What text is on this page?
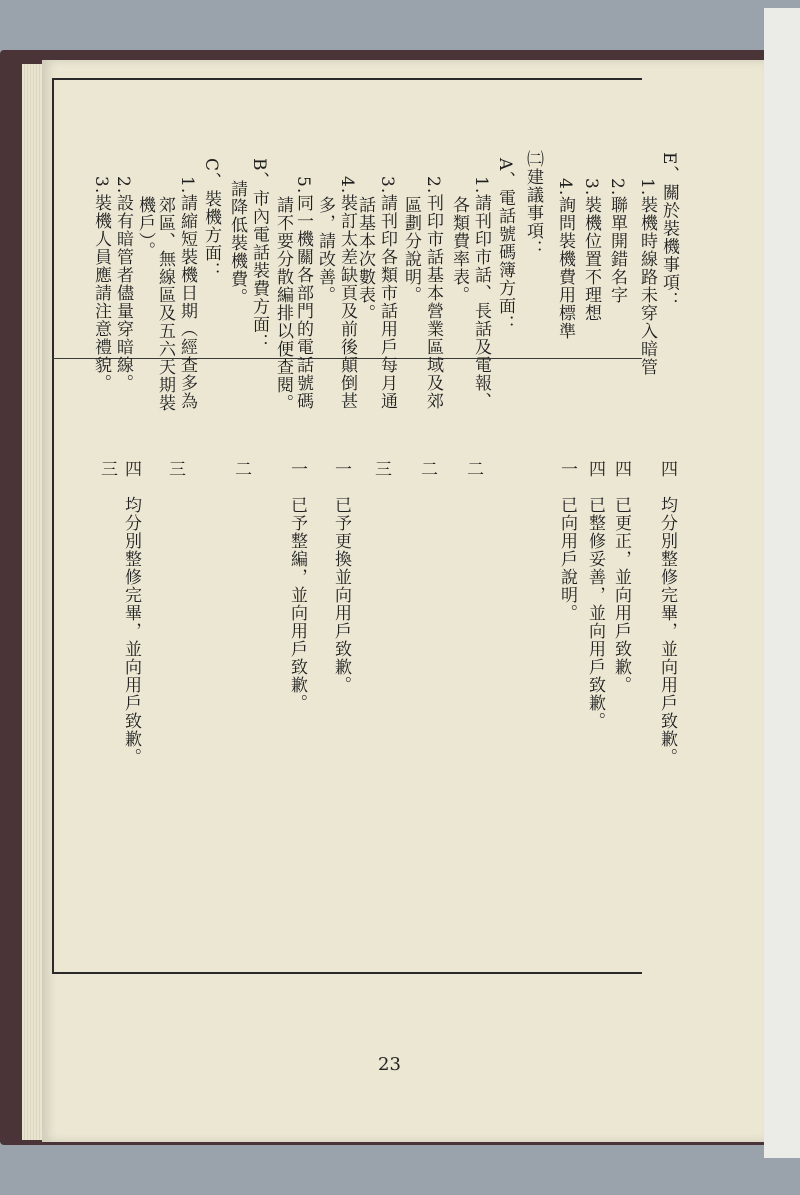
E、關於裝機事項：
1.裝機時線路未穿入暗管
2.聯單開錯名字
3.裝機位置不理想
4.詢問裝機費用標準
㈡建議事項：
A、電話號碼簿方面：
1.請刊印市話、長話及電報、
各類費率表。
2.刊印市話基本營業區域及郊
區劃分說明。
3.請刊印各類市話用戶每月通
話基本次數表。
4.裝訂太差缺頁及前後顛倒甚
多，請改善。
5.同一機關各部門的電話號碼
請不要分散編排以便查閱。
B、市內電話裝費方面：
請降低裝機費。
C、裝機方面：
1.請縮短裝機日期（經查多為
郊區、無線區及五六天期裝
機戶）。
2.設有暗管者儘量穿暗線。
3.裝機人員應請注意禮貌。
四　均分別整修完畢，並向用戶致歉。
四　已更正，並向用戶致歉。
四　已整修妥善，並向用戶致歉。
一　已向用戶說明。
二
二
三
一　已予更換並向用戶致歉。
一　已予整編，並向用戶致歉。
二
三
四　均分別整修完畢，並向用戶致歉。
三
23
